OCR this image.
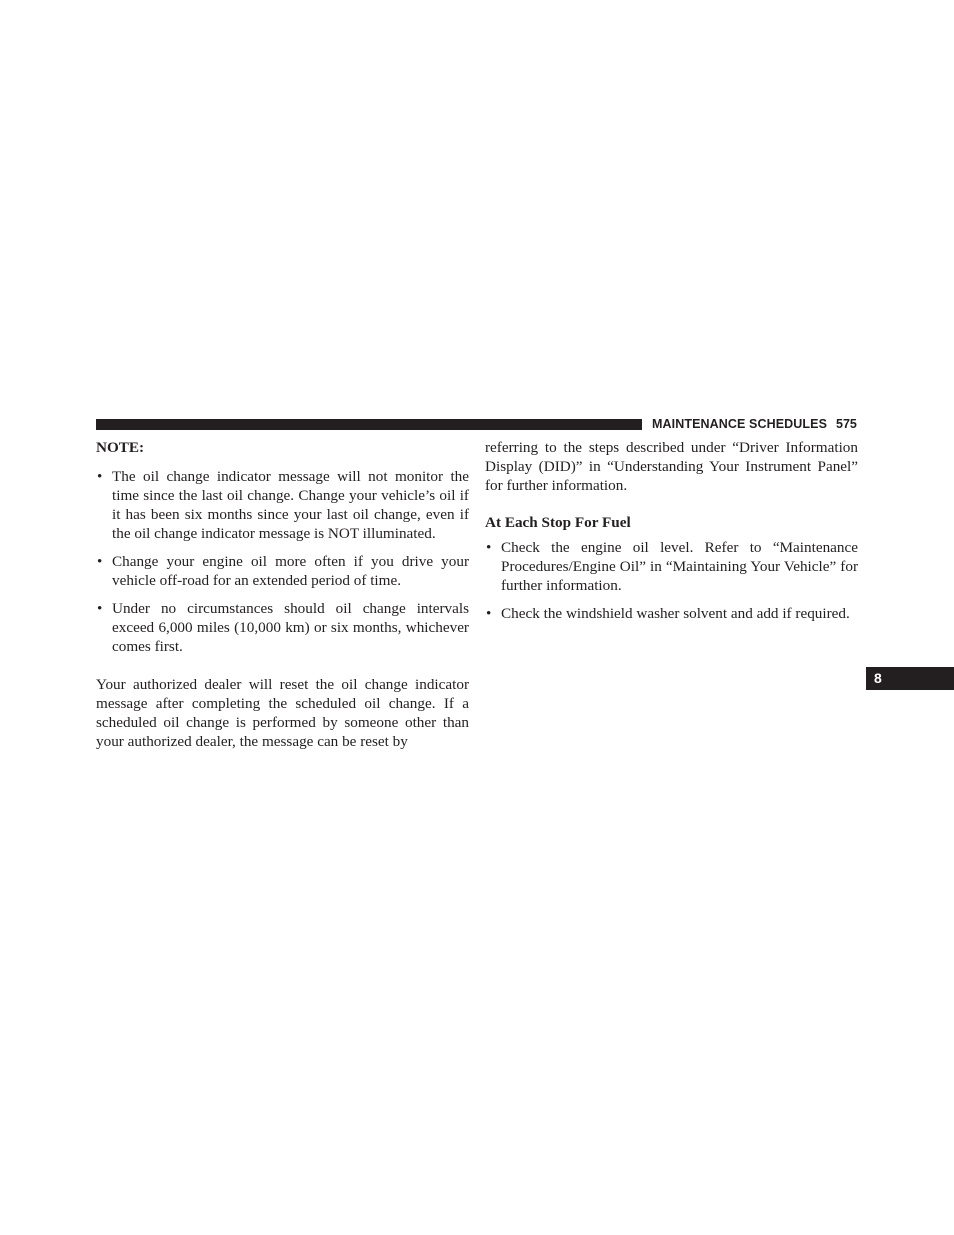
MAINTENANCE SCHEDULES 575
NOTE:
• The oil change indicator message will not monitor the time since the last oil change. Change your vehicle’s oil if it has been six months since your last oil change, even if the oil change indicator message is NOT illuminated.
• Change your engine oil more often if you drive your vehicle off-road for an extended period of time.
• Under no circumstances should oil change intervals exceed 6,000 miles (10,000 km) or six months, whichever comes first.

Your authorized dealer will reset the oil change indicator message after completing the scheduled oil change. If a scheduled oil change is performed by someone other than your authorized dealer, the message can be reset by

referring to the steps described under “Driver Information Display (DID)” in “Understanding Your Instrument Panel” for further information.

At Each Stop For Fuel
• Check the engine oil level. Refer to “Maintenance Procedures/Engine Oil” in “Maintaining Your Vehicle” for further information.
• Check the windshield washer solvent and add if required.
8
